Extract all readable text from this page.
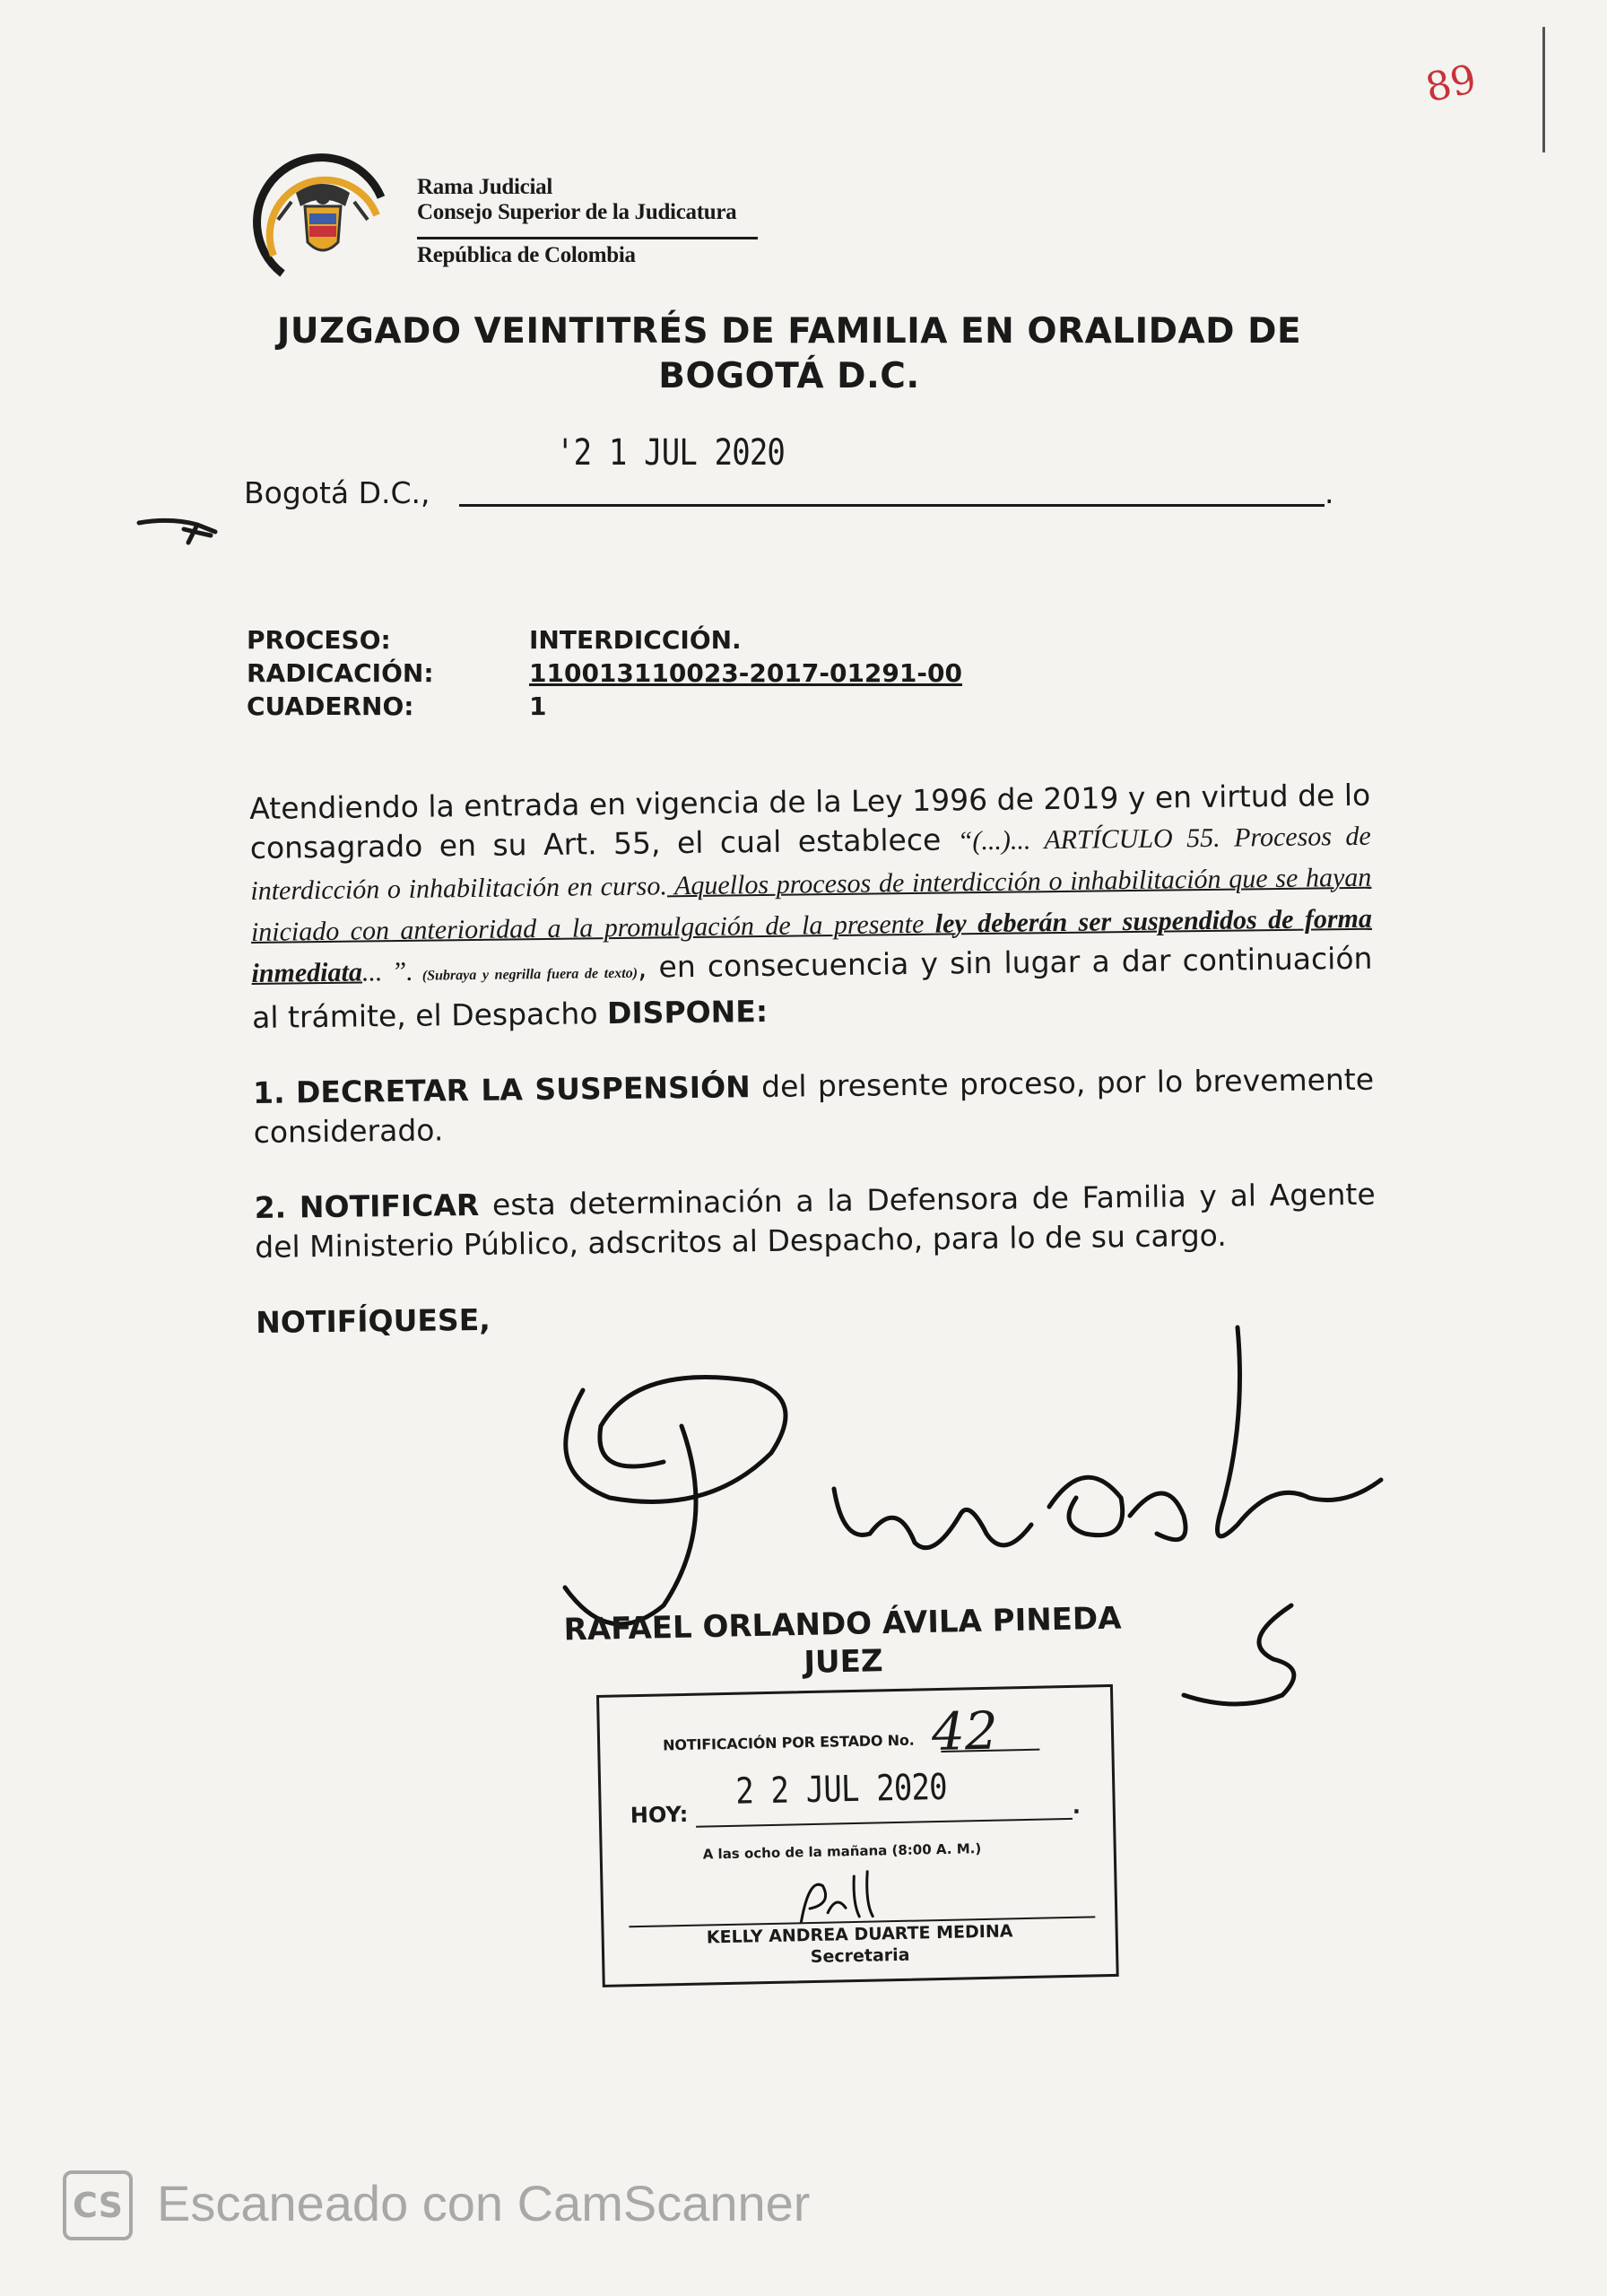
89
Rama Judicial
Consejo Superior de la Judicatura
República de Colombia
JUZGADO VEINTITRÉS DE FAMILIA EN ORALIDAD DE
BOGOTÁ D.C.
Bogotá D.C.,
'2 1 JUL 2020
.
PROCESO:	INTERDICCIÓN.
RADICACIÓN:	110013110023-2017-01291-00
CUADERNO:	1

Atendiendo la entrada en vigencia de la Ley 1996 de 2019 y en virtud de lo consagrado en su Art. 55, el cual establece “(...)... ARTÍCULO 55. Procesos de interdicción o inhabilitación en curso. Aquellos procesos de interdicción o inhabilitación que se hayan iniciado con anterioridad a la promulgación de la presente ley deberán ser suspendidos de forma inmediata... ”. (Subraya y negrilla fuera de texto), en consecuencia y sin lugar a dar continuación al trámite, el Despacho DISPONE:

1. DECRETAR LA SUSPENSIÓN del presente proceso, por lo brevemente considerado.

2. NOTIFICAR esta determinación a la Defensora de Familia y al Agente del Ministerio Público, adscritos al Despacho, para lo de su cargo.

NOTIFÍQUESE,

RAFAEL ORLANDO ÁVILA PINEDA
JUEZ
NOTIFICACIÓN POR ESTADO No. 42
HOY:
2 2 JUL 2020	.
A las ocho de la mañana (8:00 A. M.)
KELLY ANDREA DUARTE MEDINA
Secretaria
CS Escaneado con CamScanner
